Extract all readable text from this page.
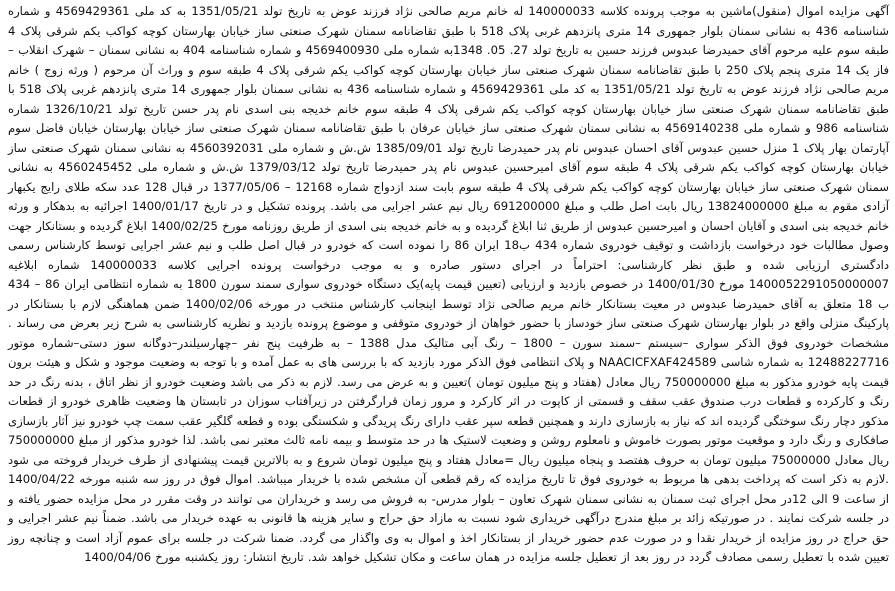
آگهی مزایده اموال (منقول)ماشین به موجب پرونده کلاسه 140000033 له خانم مریم صالحی نژاد فرزند عوض به تاریخ تولد 1351/05/21 به کد ملی 4569429361 و شماره شناسنامه 436 به نشانی سمنان بلوار جمهوری 14 متری پانزدهم غربی پلاک 518 با طبق تقاضانامه سمنان شهرک صنعتی ساز خیابان بهارستان کوچه کواکب یکم شرقی پلاک 4 طبقه سوم علیه مرحوم آقای حمیدرضا عبدوس فرزند حسین به تاریخ تولد 27. 05. 1348به شماره ملی 4569400930 و شماره شناسنامه 404 به نشانی سمنان – شهرک انقلاب – فاز یک 14 متری پنجم پلاک 250 با طبق تقاضانامه سمنان شهرک صنعتی ساز خیابان بهارستان کوچه کواکب یکم شرقی پلاک 4 طبقه سوم و وراث آن مرحوم ( ورثه زوج ) خانم مریم صالحی نژاد فرزند عوض به تاریخ تولد 1351/05/21 به کد ملی 4569429361 و شماره شناسنامه 436 به نشانی سمنان بلوار جمهوری 14 متری پانزدهم غربی پلاک 518 با طبق تقاضانامه سمنان شهرک صنعتی ساز خیابان بهارستان کوچه کواکب یکم شرقی پلاک 4 طبقه سوم خانم خدیجه بنی اسدی نام پدر حسن تاریخ تولد 1326/10/21 شماره شناسنامه 986 و شماره ملی 4569140238 به نشانی سمنان شهرک صنعتی ساز خیابان عرفان با طبق تقاضانامه سمنان شهرک صنعتی ساز خیابان بهارستان خیابان فاضل سوم آپارتمان بهار پلاک 1 منزل حسین عبدوس آقای احسان عبدوس نام پدر حمیدرضا تاریخ تولد 1385/09/01 ش.ش و شماره ملی 4560392031 به نشانی سمنان شهرک صنعتی ساز خیابان بهارستان کوچه کواکب یکم شرقی پلاک 4 طبقه سوم آقای امیرحسین عبدوس نام پدر حمیدرضا تاریخ تولد 1379/03/12 ش.ش و شماره ملی 4560245452 به نشانی سمنان شهرک صنعتی ساز خیابان بهارستان کوچه کواکب یکم شرقی پلاک 4 طبقه سوم بابت سند ازدواج شماره 12168 – 1377/05/06 در قبال 128 عدد سکه طلای رایج یکبهار آزادی مقوم به مبلغ 13824000000 ریال بابت اصل طلب و مبلغ 691200000 ریال نیم عشر اجرایی می باشد. پرونده تشکیل و در تاریخ 1400/01/17 اجرائیه به بدهکار و ورثه خانم خدیجه بنی اسدی و آقایان احسان و امیرحسین عبدوس از طریق ثنا ابلاغ گردیده و به خانم خدیجه بنی اسدی از طریق روزنامه مورخ 1400/02/25 ابلاغ گردیده و بستانکار جهت وصول مطالبات خود درخواست بازداشت و توقیف خودروی شماره 434 ب18 ایران 86 را نموده است که خودرو در قبال اصل طلب و نیم عشر اجرایی توسط کارشناس رسمی دادگستری ارزیابی شده و طبق نظر کارشناسی: احتراماً در اجرای دستور صادره و به موجب درخواست پرونده اجرایی کلاسه 140000033 شماره ابلاغیه 1400052291050000007 مورخ 1400/01/30 در خصوص بازدید و ارزیابی (تعیین قیمت پایه)یک دستگاه خودروی سواری سمند سورن 1800 به شماره انتظامی ایران 86 – 434 ب 18 متعلق به آقای حمیدرضا عبدوس در معیت بستانکار خانم مریم صالحی نژاد توسط اینجانب کارشناس منتخب در مورخه 1400/02/06 ضمن هماهنگی لازم با بستانکار در پارکینگ منزلی واقع در بلوار بهارستان شهرک صنعتی ساز خودساز با حضور خواهان از خودروی متوقفی و موضوع پرونده بازدید و نظریه کارشناسی به شرح زیر بعرض می رساند . مشخصات خودروی فوق الذکر سواری –سیستم –سمند سورن – 1800 – رنگ آبی متالیک مدل 1388 – به ظرفیت پنج نفر –چهارسیلندر–دوگانه سوز دستی–شماره موتور 12488227716 به شماره شاسی NAACICFXAF424589 و پلاک انتظامی فوق الذکر مورد بازدید که با بررسی های به عمل آمده و با توجه به وضعیت موجود و شکل و هیئت برون قیمت پایه خودرو مذکور به مبلغ 750000000 ریال معادل (هفتاد و پنج میلیون تومان )تعیین و به عرض می رسد. لازم به ذکر می باشد وضعیت خودرو از نظر اتاق ، بدنه رنگ در حد رنگ و کارکرده و قطعات درب صندوق عقب سقف و قسمتی از کاپوت در اثر کارکرد و مرور زمان قرارگرفتن در زیرآفتاب سوزان در تابستان ها وضعیت ظاهری خودرو از قطعات مذکور دچار رنگ سوختگی گردیده اند که نیاز به بازسازی دارند و همچنین قطعه سپر عقب دارای رنگ پریدگی و شکستگی بوده و قطعه گلگیر عقب سمت چپ خودرو نیز آثار بازسازی صافکاری و رنگ دارد و موقعیت موتور بصورت خاموش و نامعلوم روشن و وضعیت لاستیک ها در حد متوسط و بیمه نامه ثالث معتبر نمی باشد. لذا خودرو مذکور از مبلغ 750000000 ریال معادل 75000000 میلیون تومان به حروف هفتصد و پنجاه میلیون ریال =معادل هفتاد و پنج میلیون تومان شروع و به بالاترین قیمت پیشنهادی از طرف خریدار فروخته می شود .لازم به ذکر است که پرداخت بدهی ها مربوط به خودروی فوق تا تاریخ مزایده که رقم قطعی آن مشخص شده با خریدار میباشد. اموال فوق در روز سه شنبه مورخه 1400/04/22 از ساعت 9 الی 12در محل اجرای ثبت سمنان به نشانی سمنان شهرک تعاون – بلوار مدرس- به فروش می رسد و خریداران می توانند در وقت مقرر در محل مزایده حضور یافته و در جلسه شرکت نمایند . در صورتیکه زائد بر مبلغ مندرج درآگهی خریداری شود نسبت به مازاد حق حراج و سایر هزینه ها قانونی به عهده خریدار می باشد. ضمناً نیم عشر اجرایی و حق حراج در روز مزایده از خریدار نقدا و در صورت عدم حضور خریدار از بستانکار اخذ و اموال به وی واگذار می گردد. ضمنا شرکت در جلسه برای عموم آزاد است و چنانچه روز تعیین شده با تعطیل رسمی مصادف گردد در روز بعد از تعطیل جلسه مزایده در همان ساعت و مکان تشکیل خواهد شد. تاریخ انتشار: روز یکشنبه مورخ 1400/04/06
